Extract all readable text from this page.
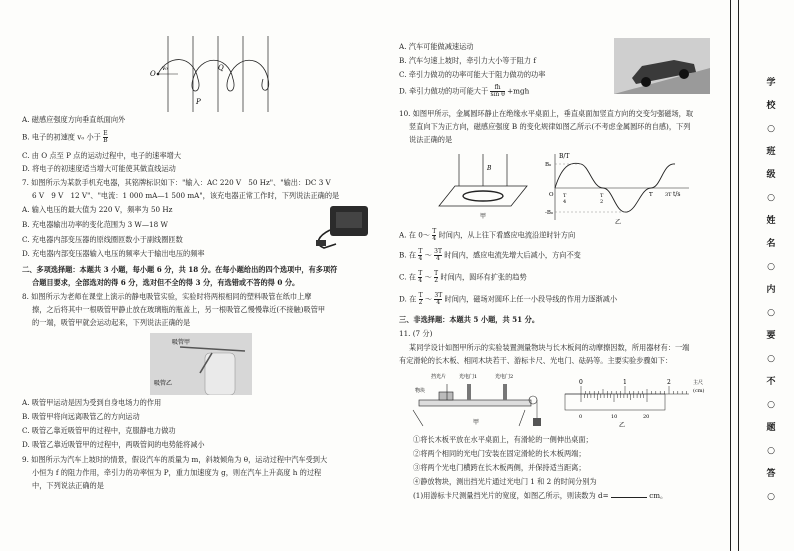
O
v₀	Q
P
A. 磁感应强度方向垂直纸面向外
B. 电子的初速度 v₀ 小于 $\frac{E}{B}$
C. 由 O 点至 P 点的运动过程中，电子的速率增大
D. 将电子的初速度适当增大可能使其做直线运动
7. 如图所示为某款手机充电器，其铭牌标识如下："输入：AC 220 V　50 Hz"、"输出：DC 3 V
6 V　9 V　12 V"、"电流：1 000 mA—1 500 mA"，该充电器正常工作时，下列说法正确的是
A. 输入电压的最大值为 220 V，频率为 50 Hz
B. 充电器输出功率的变化范围为 3 W—18 W
C. 充电器内部变压器的原线圈匝数小于副线圈匝数
D. 充电器内部变压器输入电压的频率大于输出电压的频率
二、多项选择题：本题共 3 小题，每小题 6 分，共 18 分。在每小题给出的四个选项中，有多项符
合题目要求，全部选对的得 6 分，选对但不全的得 3 分，有选错或不答的得 0 分。
8. 如图所示为老师在课堂上演示的静电吸管实验，实验时将两根相同的塑料吸管在纸巾上摩
擦，之后将其中一根吸管甲静止放在玻璃瓶的瓶盖上，另一根吸管乙慢慢靠近(不接触)吸管甲
的一端，吸管甲就会运动起来，下列说法正确的是
吸管甲
吸管乙
A. 吸管甲运动是因为受到自身电场力的作用
B. 吸管甲将向远离吸管乙的方向运动
C. 吸管乙靠近吸管甲的过程中，克服静电力做功
D. 吸管乙靠近吸管甲的过程中，两吸管间的电势能将减小
9. 如图所示为汽车上坡时的情景，假设汽车的质量为 m，斜坡倾角为 θ，运动过程中汽车受到大
小恒为 f 的阻力作用，牵引力的功率恒为 P，重力加速度为 g，则在汽车上升高度 h 的过程
中，下列说法正确的是
A. 汽车可能做减速运动
B. 汽车匀速上坡时，牵引力大小等于阻力 f
C. 牵引力做功的功率可能大于阻力做功的功率
D. 牵引力做功的功可能大于 $\frac{fh}{\text{sin θ}} +mgh$
10. 如图甲所示，金属圆环静止在绝缘水平桌面上，垂直桌面加竖直方向的交变匀强磁场，取
竖直向下为正方向，磁感应强度 B 的变化规律如图乙所示(不考虑金属圆环的自感)，下列
说法正确的是
B
甲
B/T
t/s
B₀
-B₀
O T
4
T
2
T 3T
乙
A. 在 0～ $\frac{T}{4}$ 时间内，从上往下看感应电流沿逆时针方向
B. 在 $\frac{T}{4}$ ～ $\frac{3T}{4}$ 时间内，感应电流先增大后减小，方向不变
C. 在 $\frac{T}{4}$ ～ $\frac{T}{2}$ 时间内，圆环有扩张的趋势
D. 在 $\frac{T}{2}$ ～ $\frac{3T}{4}$ 时间内，磁场对圆环上任一小段导线的作用力逐渐减小
三、非选择题：本题共 5 小题，共 51 分。
11. (7 分)
某同学设计如图甲所示的实验装置测量物块与长木板间的动摩擦因数，所用器材有：一端
有定滑轮的长木板、相同木块若干、游标卡尺、光电门、砝码等。主要实验步骤如下：
物块
挡光片	光电门1	光电门2
甲
0	1	2	主尺
(cm)
0	10	20
乙
①将长木板平放在水平桌面上，有滑轮的一侧伸出桌面；
②将两个相同的光电门安装在固定滑轮的长木板两端；
③将两个光电门横跨在长木板两侧，并保持适当距离；
④静放物块，测出挡光片通过光电门 1 和 2 的时间分别为
(1)用游标卡尺测量挡光片的宽度，如图乙所示，则读数为 d=	cm。
学
校
○
班
级
○
姓
名
○
内
○
要
○
不
○
题
○
答
○
